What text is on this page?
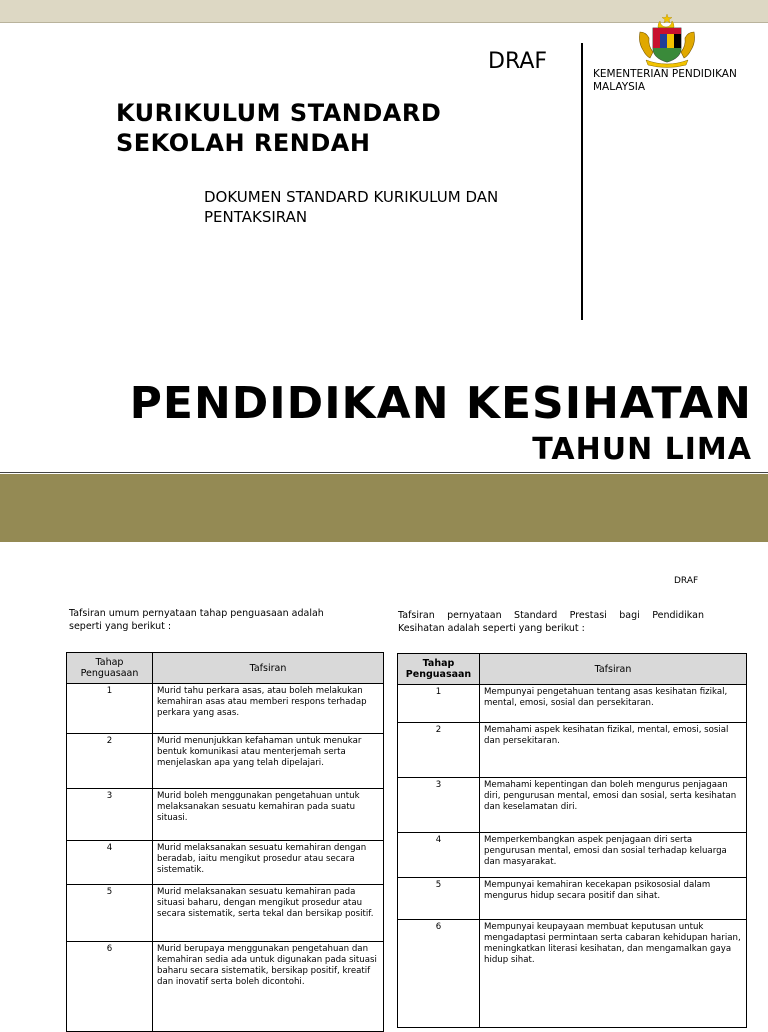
DRAF	KEMENTERIAN PENDIDIKAN MALAYSIA
KURIKULUM STANDARD
SEKOLAH RENDAH
DOKUMEN STANDARD KURIKULUM DAN PENTAKSIRAN
PENDIDIKAN KESIHATAN
TAHUN LIMA
DRAF
Tafsiran umum pernyataan tahap penguasaan adalah seperti yang berikut :
Tafsiran pernyataan Standard Prestasi bagi Pendidikan Kesihatan adalah seperti yang berikut :
Tahap Penguasaan	Tafsiran
1	Murid tahu perkara asas, atau boleh melakukan kemahiran asas atau memberi respons terhadap perkara yang asas.
2	Murid menunjukkan kefahaman untuk menukar bentuk komunikasi atau menterjemah serta menjelaskan apa yang telah dipelajari.
3	Murid boleh menggunakan pengetahuan untuk melaksanakan sesuatu kemahiran pada suatu situasi.
4	Murid melaksanakan sesuatu kemahiran dengan beradab, iaitu mengikut prosedur atau secara sistematik.
5	Murid melaksanakan sesuatu kemahiran pada situasi baharu, dengan mengikut prosedur atau secara sistematik, serta tekal dan bersikap positif.
6	Murid berupaya menggunakan pengetahuan dan kemahiran sedia ada untuk digunakan pada situasi baharu secara sistematik, bersikap positif, kreatif dan inovatif serta boleh dicontohi.
Tahap Penguasaan	Tafsiran
1	Mempunyai pengetahuan tentang asas kesihatan fizikal, mental, emosi, sosial dan persekitaran.
2	Memahami aspek kesihatan fizikal, mental, emosi, sosial dan persekitaran.
3	Memahami kepentingan dan boleh mengurus penjagaan diri, pengurusan mental, emosi dan sosial, serta kesihatan dan keselamatan diri.
4	Memperkembangkan aspek penjagaan diri serta pengurusan mental, emosi dan sosial terhadap keluarga dan masyarakat.
5	Mempunyai kemahiran kecekapan psikososial dalam mengurus hidup secara positif dan sihat.
6	Mempunyai keupayaan membuat keputusan untuk mengadaptasi permintaan serta cabaran kehidupan harian, meningkatkan literasi kesihatan, dan mengamalkan gaya hidup sihat.
